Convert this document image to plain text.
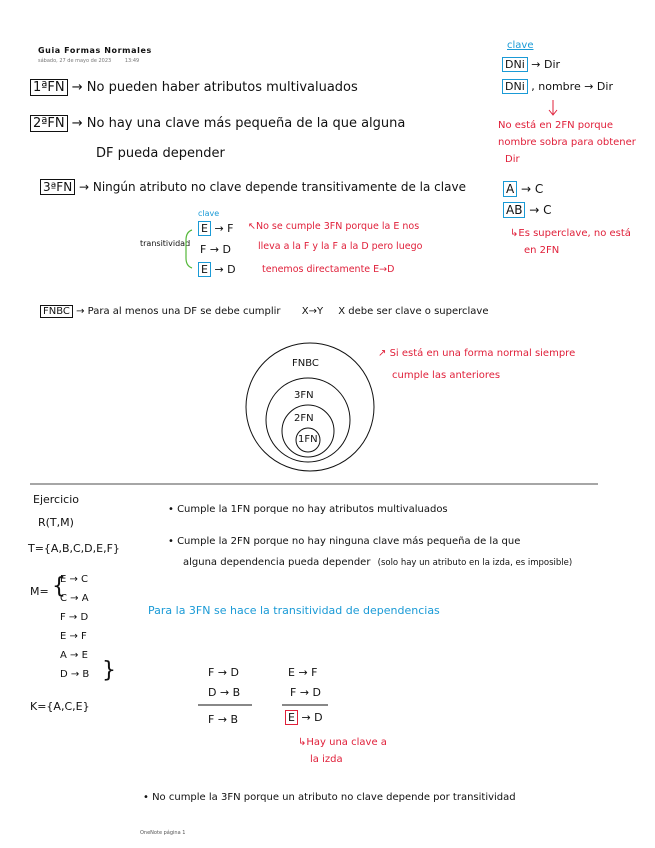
Guia Formas Normales
sábado, 27 de mayo de 2023	13:49
1ªFN → No pueden haber atributos multivaluados
2ªFN → No hay una clave más pequeña de la que alguna
DF pueda depender
3ªFN → Ningún atributo no clave depende transitivamente de la clave
clave
DNi → Dir
DNi , nombre → Dir
No está en 2FN porque
nombre sobra para obtener
Dir
A → C
AB → C
↳Es superclave, no está
en 2FN
clave
transitividad
E → F
F → D
E → D
↖No se cumple 3FN porque la E nos
lleva a la F y la F a la D pero luego
tenemos directamente E→D
FNBC → Para al menos una DF se debe cumplir X→Y X debe ser clave o superclave
FNBC
3FN
2FN
1FN
↗ Si está en una forma normal siempre
cumple las anteriores
Ejercicio
R(T,M)
T={A,B,C,D,E,F}
M= {
E → C
C → A
F → D
E → F
A → E
D → B }
K={A,C,E}
• Cumple la 1FN porque no hay atributos multivaluados
• Cumple la 2FN porque no hay ninguna clave más pequeña de la que
alguna dependencia pueda depender (solo hay un atributo en la izda, es imposible)
Para la 3FN se hace la transitividad de dependencias
F → D
D → B
F → B
E → F
F → D
E → D
↳Hay una clave a
la izda
• No cumple la 3FN porque un atributo no clave depende por transitividad
OneNote página 1
